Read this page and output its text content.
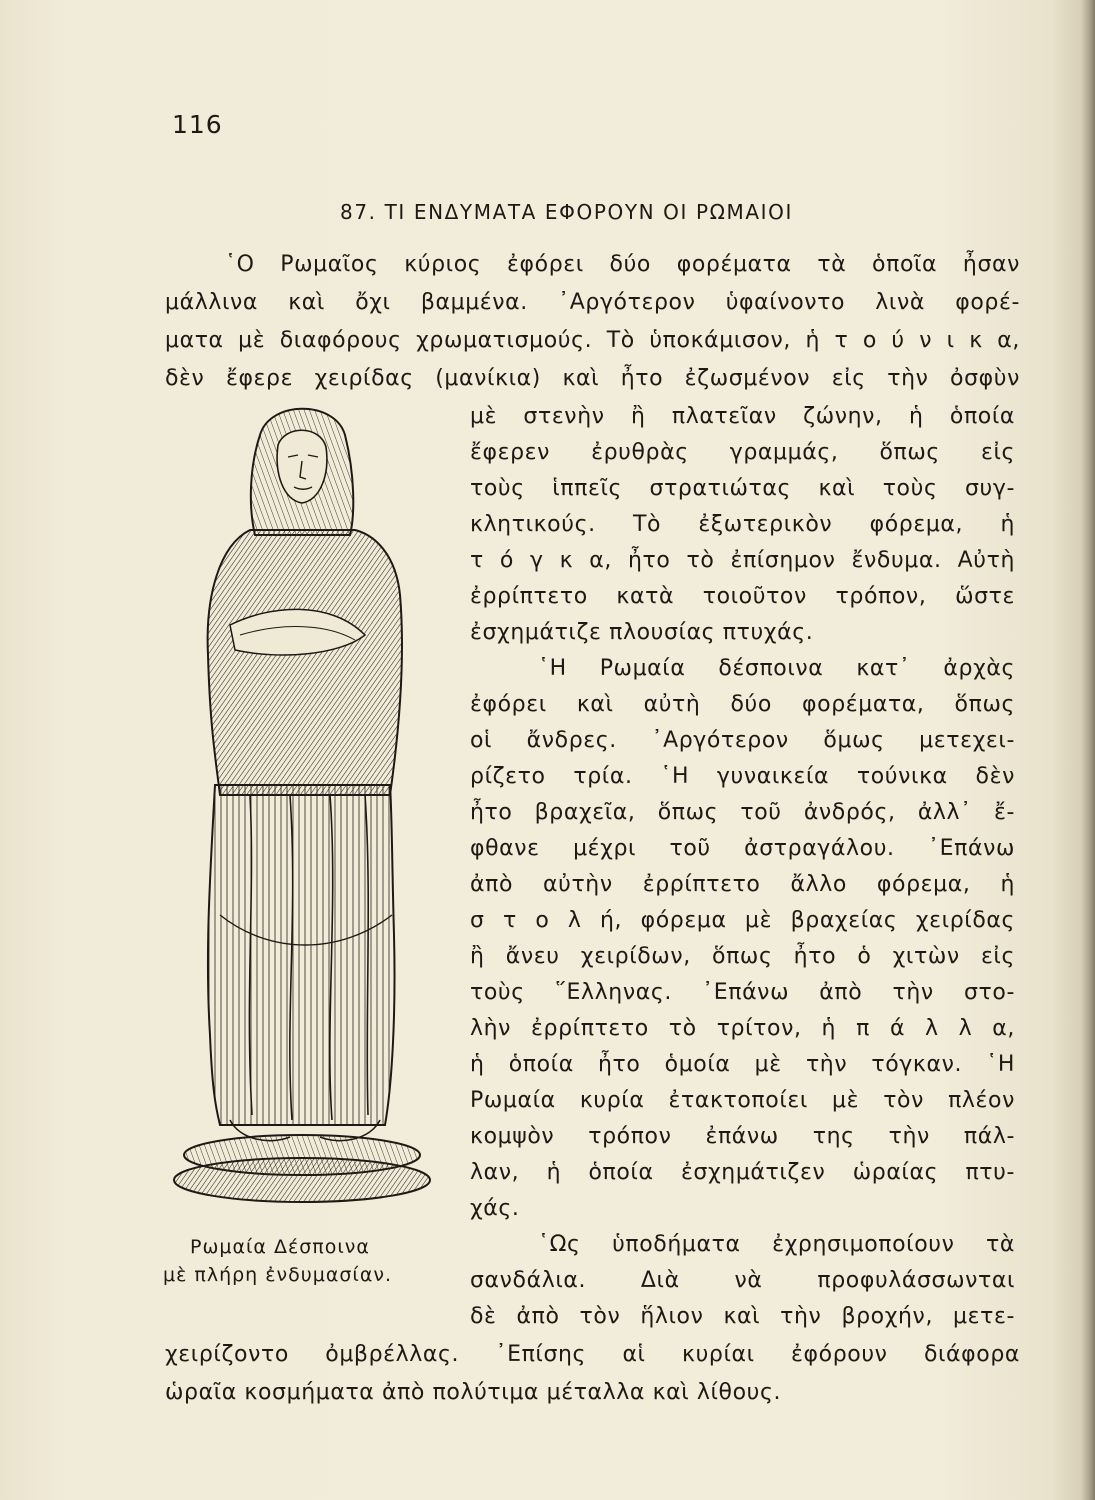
116
87. ΤΙ ΕΝΔΥΜΑΤΑ ΕΦΟΡΟΥΝ ΟΙ ΡΩΜΑΙΟΙ
῾Ο Ρωμαῖος κύριος ἐφόρει δύο φορέματα τὰ ὁποῖα ἦσαν
μάλλινα καὶ ὄχι βαμμένα. ᾿Αργότερον ὑφαίνοντο λινὰ φορέ-
ματα μὲ διαφόρους χρωματισμούς. Τὸ ὑποκάμισον, ἡ τ ο ύ ν ι κ α,
δὲν ἔφερε χειρίδας (μανίκια) καὶ ἦτο ἐζωσμένον εἰς τὴν ὀσφὺν
μὲ στενὴν ἢ πλατεῖαν ζώνην, ἡ ὁποία
ἔφερεν ἐρυθρὰς γραμμάς, ὅπως εἰς
τοὺς ἱππεῖς στρατιώτας καὶ τοὺς συγ-
κλητικούς. Τὸ ἐξωτερικὸν φόρεμα, ἡ
τ ό γ κ α, ἦτο τὸ ἐπίσημον ἔνδυμα. Αὐτὴ
ἐρρίπτετο κατὰ τοιοῦτον τρόπον, ὥστε
ἐσχημάτιζε πλουσίας πτυχάς.
῾Η Ρωμαία δέσποινα κατ᾽ ἀρχὰς
ἐφόρει καὶ αὐτὴ δύο φορέματα, ὅπως
οἱ ἄνδρες. ᾿Αργότερον ὅμως μετεχει-
ρίζετο τρία. ῾Η γυναικεία τούνικα δὲν
ἦτο βραχεῖα, ὅπως τοῦ ἀνδρός, ἀλλ᾽ ἔ-
φθανε μέχρι τοῦ ἀστραγάλου. ᾿Επάνω
ἀπὸ αὐτὴν ἐρρίπτετο ἄλλο φόρεμα, ἡ
σ τ ο λ ή, φόρεμα μὲ βραχείας χειρίδας
ἢ ἄνευ χειρίδων, ὅπως ἦτο ὁ χιτὼν εἰς
τοὺς ῞Ελληνας. ᾿Επάνω ἀπὸ τὴν στο-
λὴν ἐρρίπτετο τὸ τρίτον, ἡ π ά λ λ α,
ἡ ὁποία ἦτο ὁμοία μὲ τὴν τόγκαν. ῾Η
Ρωμαία κυρία ἐτακτοποίει μὲ τὸν πλέον
κομψὸν τρόπον ἐπάνω της τὴν πάλ-
λαν, ἡ ὁποία ἐσχημάτιζεν ὡραίας πτυ-
χάς.
῾Ως ὑποδήματα ἐχρησιμοποίουν τὰ
σανδάλια. Διὰ νὰ προφυλάσσωνται
δὲ ἀπὸ τὸν ἥλιον καὶ τὴν βροχήν, μετε-
χειρίζοντο ὀμβρέλλας. ᾿Επίσης αἱ κυρίαι ἐφόρουν διάφορα
ὡραῖα κοσμήματα ἀπὸ πολύτιμα μέταλλα καὶ λίθους.
Ρωμαία Δέσποινα
μὲ πλήρη ἐνδυμασίαν.
